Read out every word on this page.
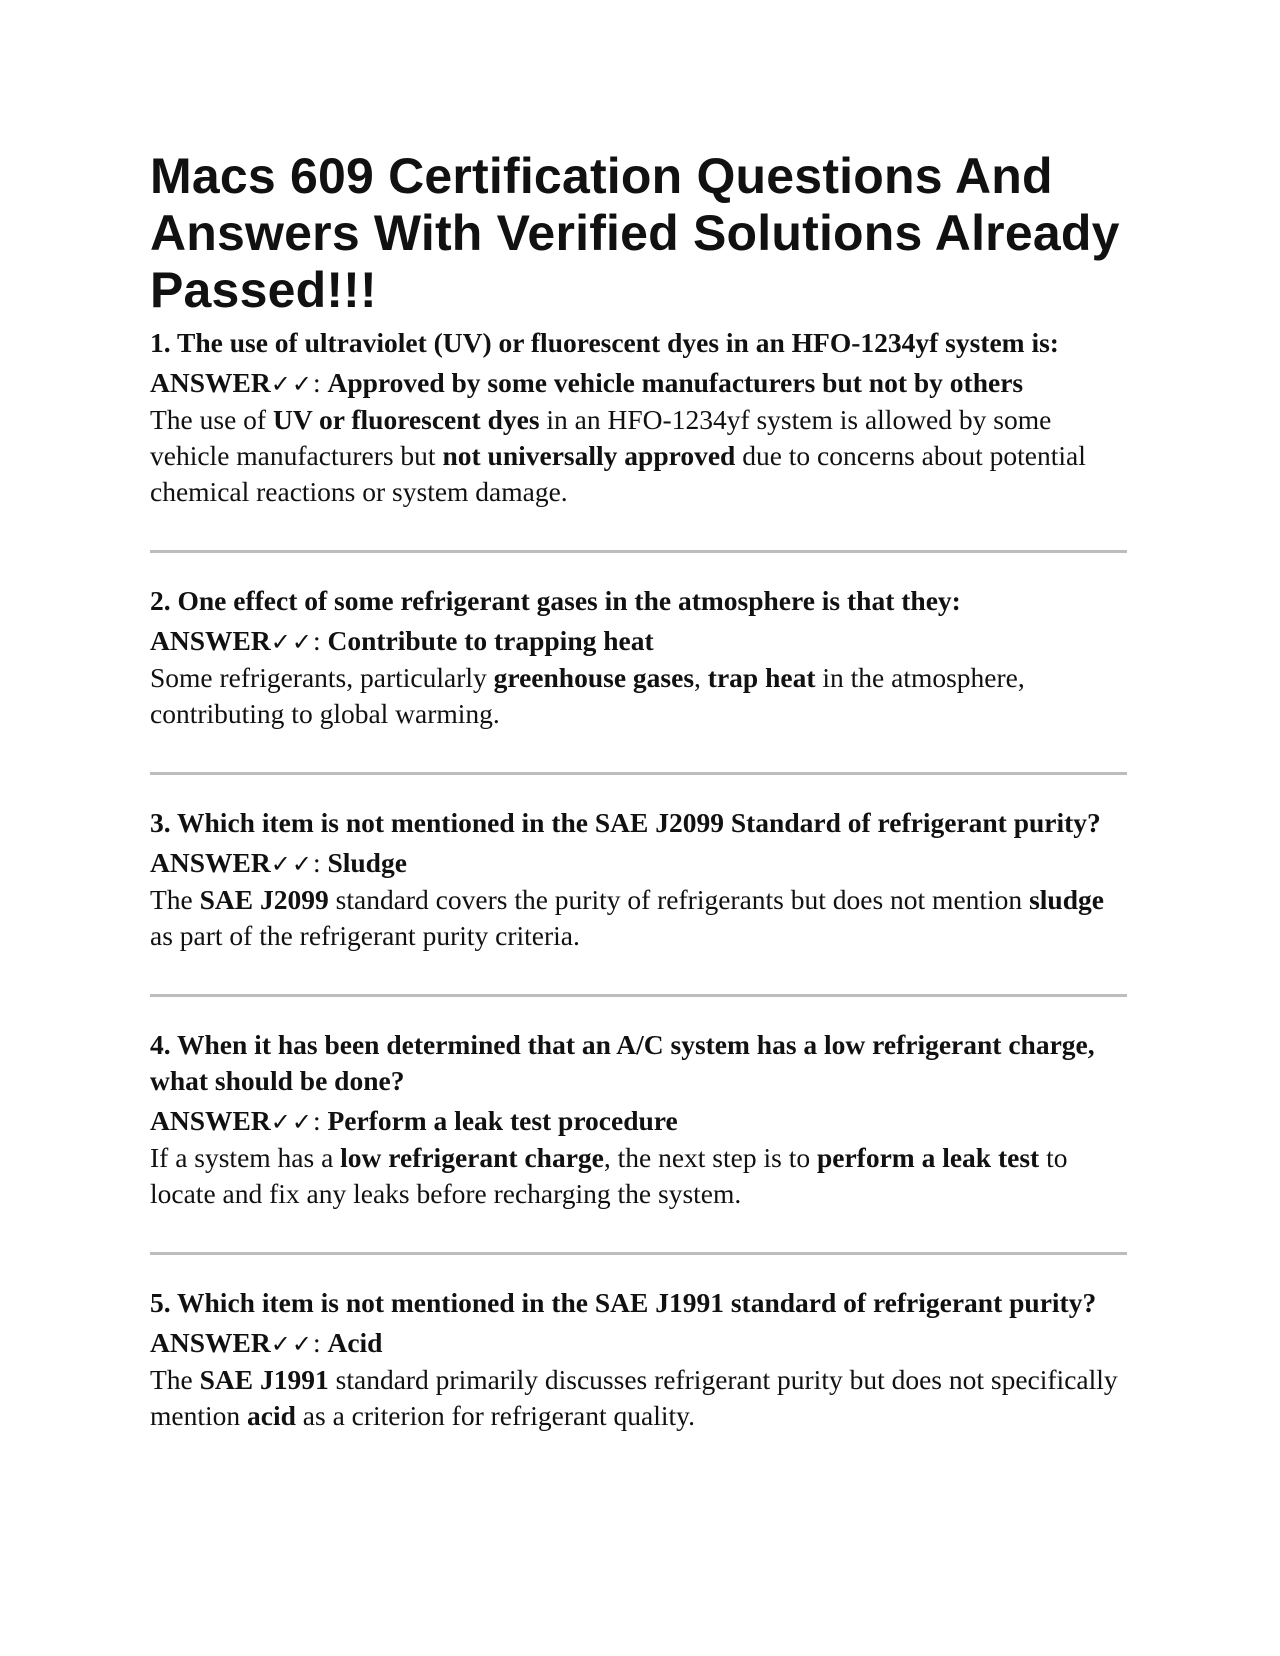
Macs 609 Certification Questions And Answers With Verified Solutions Already Passed!!!

1. The use of ultraviolet (UV) or fluorescent dyes in an HFO-1234yf system is:

ANSWER✓✓: Approved by some vehicle manufacturers but not by others

The use of UV or fluorescent dyes in an HFO-1234yf system is allowed by some vehicle manufacturers but not universally approved due to concerns about potential chemical reactions or system damage.

2. One effect of some refrigerant gases in the atmosphere is that they:

ANSWER✓✓: Contribute to trapping heat

Some refrigerants, particularly greenhouse gases, trap heat in the atmosphere, contributing to global warming.

3. Which item is not mentioned in the SAE J2099 Standard of refrigerant purity?

ANSWER✓✓: Sludge

The SAE J2099 standard covers the purity of refrigerants but does not mention sludge as part of the refrigerant purity criteria.

4. When it has been determined that an A/C system has a low refrigerant charge, what should be done?

ANSWER✓✓: Perform a leak test procedure

If a system has a low refrigerant charge, the next step is to perform a leak test to locate and fix any leaks before recharging the system.

5. Which item is not mentioned in the SAE J1991 standard of refrigerant purity?

ANSWER✓✓: Acid

The SAE J1991 standard primarily discusses refrigerant purity but does not specifically mention acid as a criterion for refrigerant quality.
